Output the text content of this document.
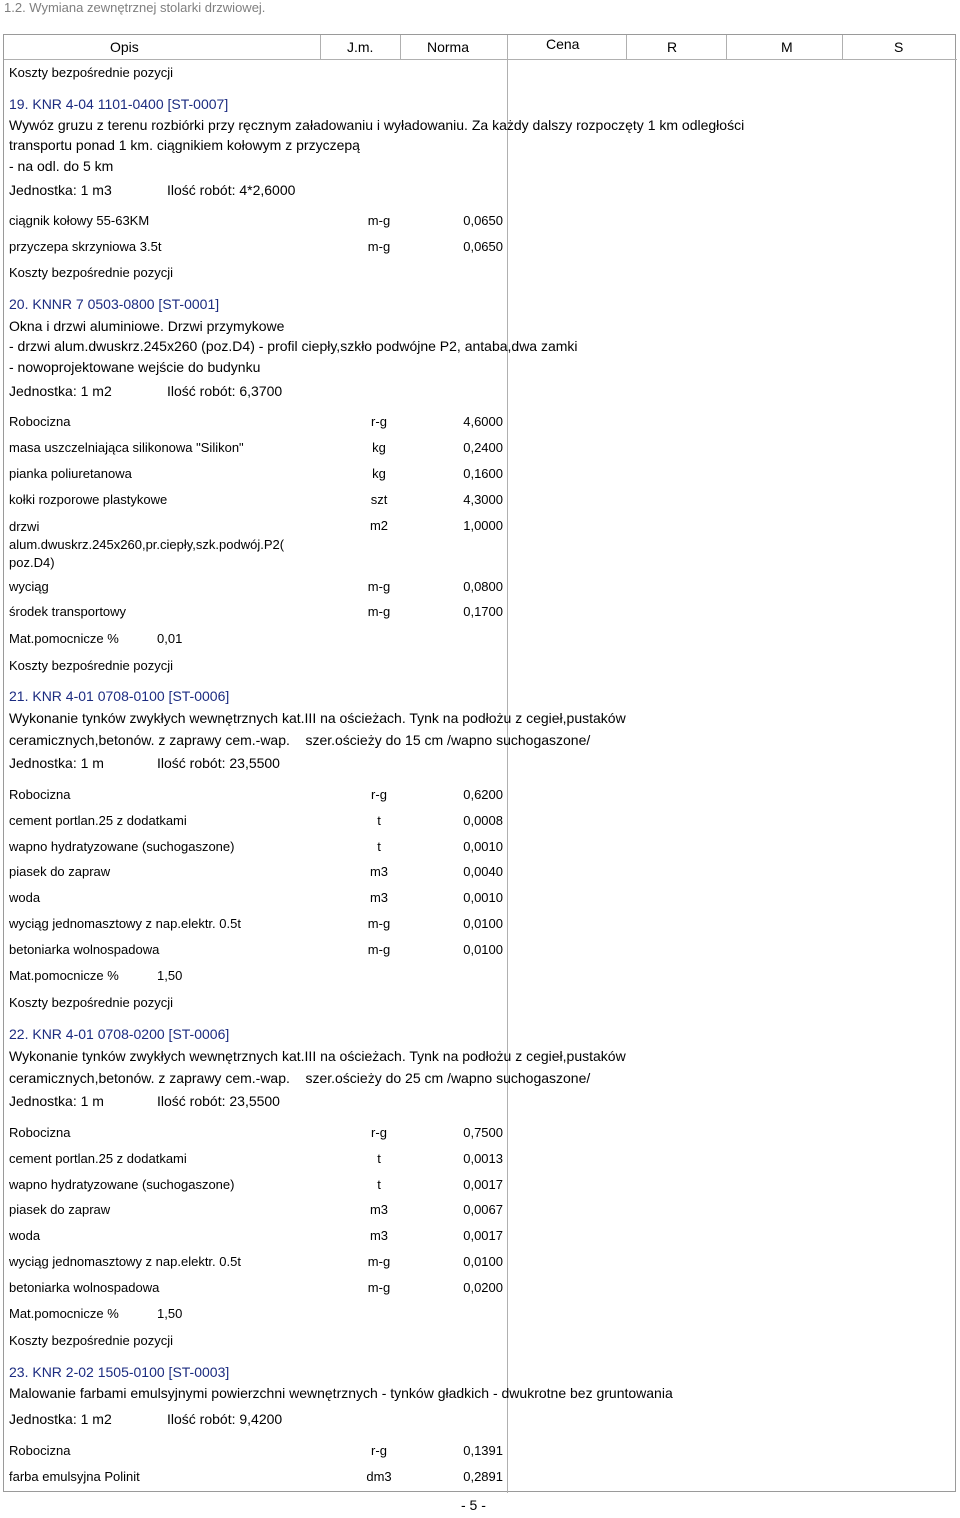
1.2. Wymiana zewnętrznej stolarki drzwiowej.
Opis	J.m.	Norma	Cena	R	M	S
Koszty bezpośrednie pozycji
19. KNR 4-04 1101-0400 [ST-0007]
Wywóz gruzu z terenu rozbiórki przy ręcznym załadowaniu i wyładowaniu. Za każdy dalszy rozpoczęty 1 km odległości
transportu ponad 1 km. ciągnikiem kołowym z przyczepą
- na odl. do 5 km
Jednostka: 1 m3	Ilość robót: 4*2,6000
ciągnik kołowy 55-63KM	m-g	0,0650
przyczepa skrzyniowa 3.5t	m-g	0,0650
Koszty bezpośrednie pozycji
20. KNNR 7 0503-0800 [ST-0001]
Okna i drzwi aluminiowe. Drzwi przymykowe
- drzwi alum.dwuskrz.245x260 (poz.D4) - profil ciepły,szkło podwójne P2, antaba,dwa zamki
- nowoprojektowane wejście do budynku
Jednostka: 1 m2	Ilość robót: 6,3700
Robocizna	r-g	4,6000
masa uszczelniająca silikonowa "Silikon"	kg	0,2400
pianka poliuretanowa	kg	0,1600
kołki rozporowe plastykowe	szt	4,3000
drzwi
alum.dwuskrz.245x260,pr.ciepły,szk.podwój.P2(
poz.D4)
m2	1,0000
wyciąg	m-g	0,0800
środek transportowy	m-g	0,1700
Mat.pomocnicze %	0,01
Koszty bezpośrednie pozycji
21. KNR 4-01 0708-0100 [ST-0006]
Wykonanie tynków zwykłych wewnętrznych kat.III na ościeżach. Tynk na podłożu z cegieł,pustaków
ceramicznych,betonów. z zaprawy cem.-wap.    szer.ościeży do 15 cm /wapno suchogaszone/
Jednostka: 1 m	Ilość robót: 23,5500
Robocizna	r-g	0,6200
cement portlan.25 z dodatkami	t	0,0008
wapno hydratyzowane (suchogaszone)	t	0,0010
piasek do zapraw	m3	0,0040
woda	m3	0,0010
wyciąg jednomasztowy z nap.elektr. 0.5t	m-g	0,0100
betoniarka wolnospadowa	m-g	0,0100
Mat.pomocnicze %	1,50
Koszty bezpośrednie pozycji
22. KNR 4-01 0708-0200 [ST-0006]
Wykonanie tynków zwykłych wewnętrznych kat.III na ościeżach. Tynk na podłożu z cegieł,pustaków
ceramicznych,betonów. z zaprawy cem.-wap.    szer.ościeży do 25 cm /wapno suchogaszone/
Jednostka: 1 m	Ilość robót: 23,5500
Robocizna	r-g	0,7500
cement portlan.25 z dodatkami	t	0,0013
wapno hydratyzowane (suchogaszone)	t	0,0017
piasek do zapraw	m3	0,0067
woda	m3	0,0017
wyciąg jednomasztowy z nap.elektr. 0.5t	m-g	0,0100
betoniarka wolnospadowa	m-g	0,0200
Mat.pomocnicze %	1,50
Koszty bezpośrednie pozycji
23. KNR 2-02 1505-0100 [ST-0003]
Malowanie farbami emulsyjnymi powierzchni wewnętrznych - tynków gładkich - dwukrotne bez gruntowania
Jednostka: 1 m2	Ilość robót: 9,4200
Robocizna	r-g	0,1391
farba emulsyjna Polinit	dm3	0,2891
- 5 -
